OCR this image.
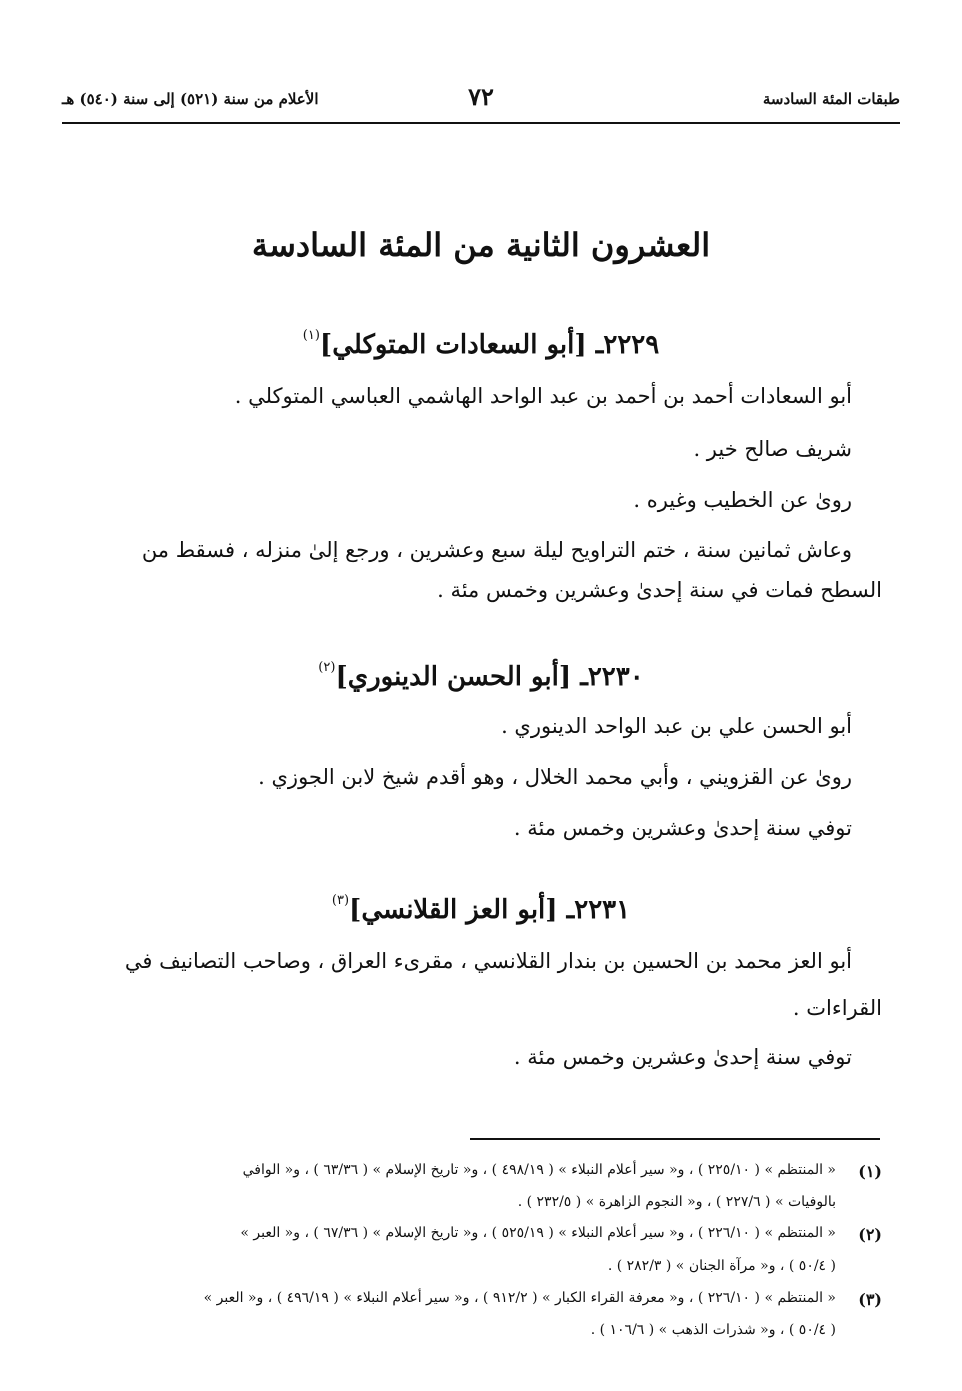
طبقات المئة السادسة
٧٢
الأعلام من سنة (٥٢١) إلى سنة (٥٤٠) هـ
العشرون الثانية من المئة السادسة
٢٢٢٩ـ [أبو السعادات المتوكلي]$^{(١)}$
أبو السعادات أحمد بن أحمد بن عبد الواحد الهاشمي العباسي المتوكلي .
شريف صالح خير .
روىٰ عن الخطيب وغيره .
وعاش ثمانين سنة ، ختم التراويح ليلة سبع وعشرين ، ورجع إلىٰ منزله ، فسقط من
السطح فمات في سنة إحدىٰ وعشرين وخمس مئة .
٢٢٣٠ـ [أبو الحسن الدينوري]$^{(٢)}$
أبو الحسن علي بن عبد الواحد الدينوري .
روىٰ عن القزويني ، وأبي محمد الخلال ، وهو أقدم شيخ لابن الجوزي .
توفي سنة إحدىٰ وعشرين وخمس مئة .
٢٢٣١ـ [أبو العز القلانسي]$^{(٣)}$
أبو العز محمد بن الحسين بن بندار القلانسي ، مقرىء العراق ، وصاحب التصانيف في
القراءات .
توفي سنة إحدىٰ وعشرين وخمس مئة .
(١)
« المنتظم » ( ٢٢٥/١٠ ) ، و« سير أعلام النبلاء » ( ٤٩٨/١٩ ) ، و« تاريخ الإسلام » ( ٦٣/٣٦ ) ، و« الوافي
بالوفيات » ( ٢٢٧/٦ ) ، و« النجوم الزاهرة » ( ٢٣٢/٥ ) .
(٢)
« المنتظم » ( ٢٢٦/١٠ ) ، و« سير أعلام النبلاء » ( ٥٢٥/١٩ ) ، و« تاريخ الإسلام » ( ٦٧/٣٦ ) ، و« العبر »
( ٥٠/٤ ) ، و« مرآة الجنان » ( ٢٨٢/٣ ) .
(٣)
« المنتظم » ( ٢٢٦/١٠ ) ، و« معرفة القراء الكبار » ( ٩١٢/٢ ) ، و« سير أعلام النبلاء » ( ٤٩٦/١٩ ) ، و« العبر »
( ٥٠/٤ ) ، و« شذرات الذهب » ( ١٠٦/٦ ) .
